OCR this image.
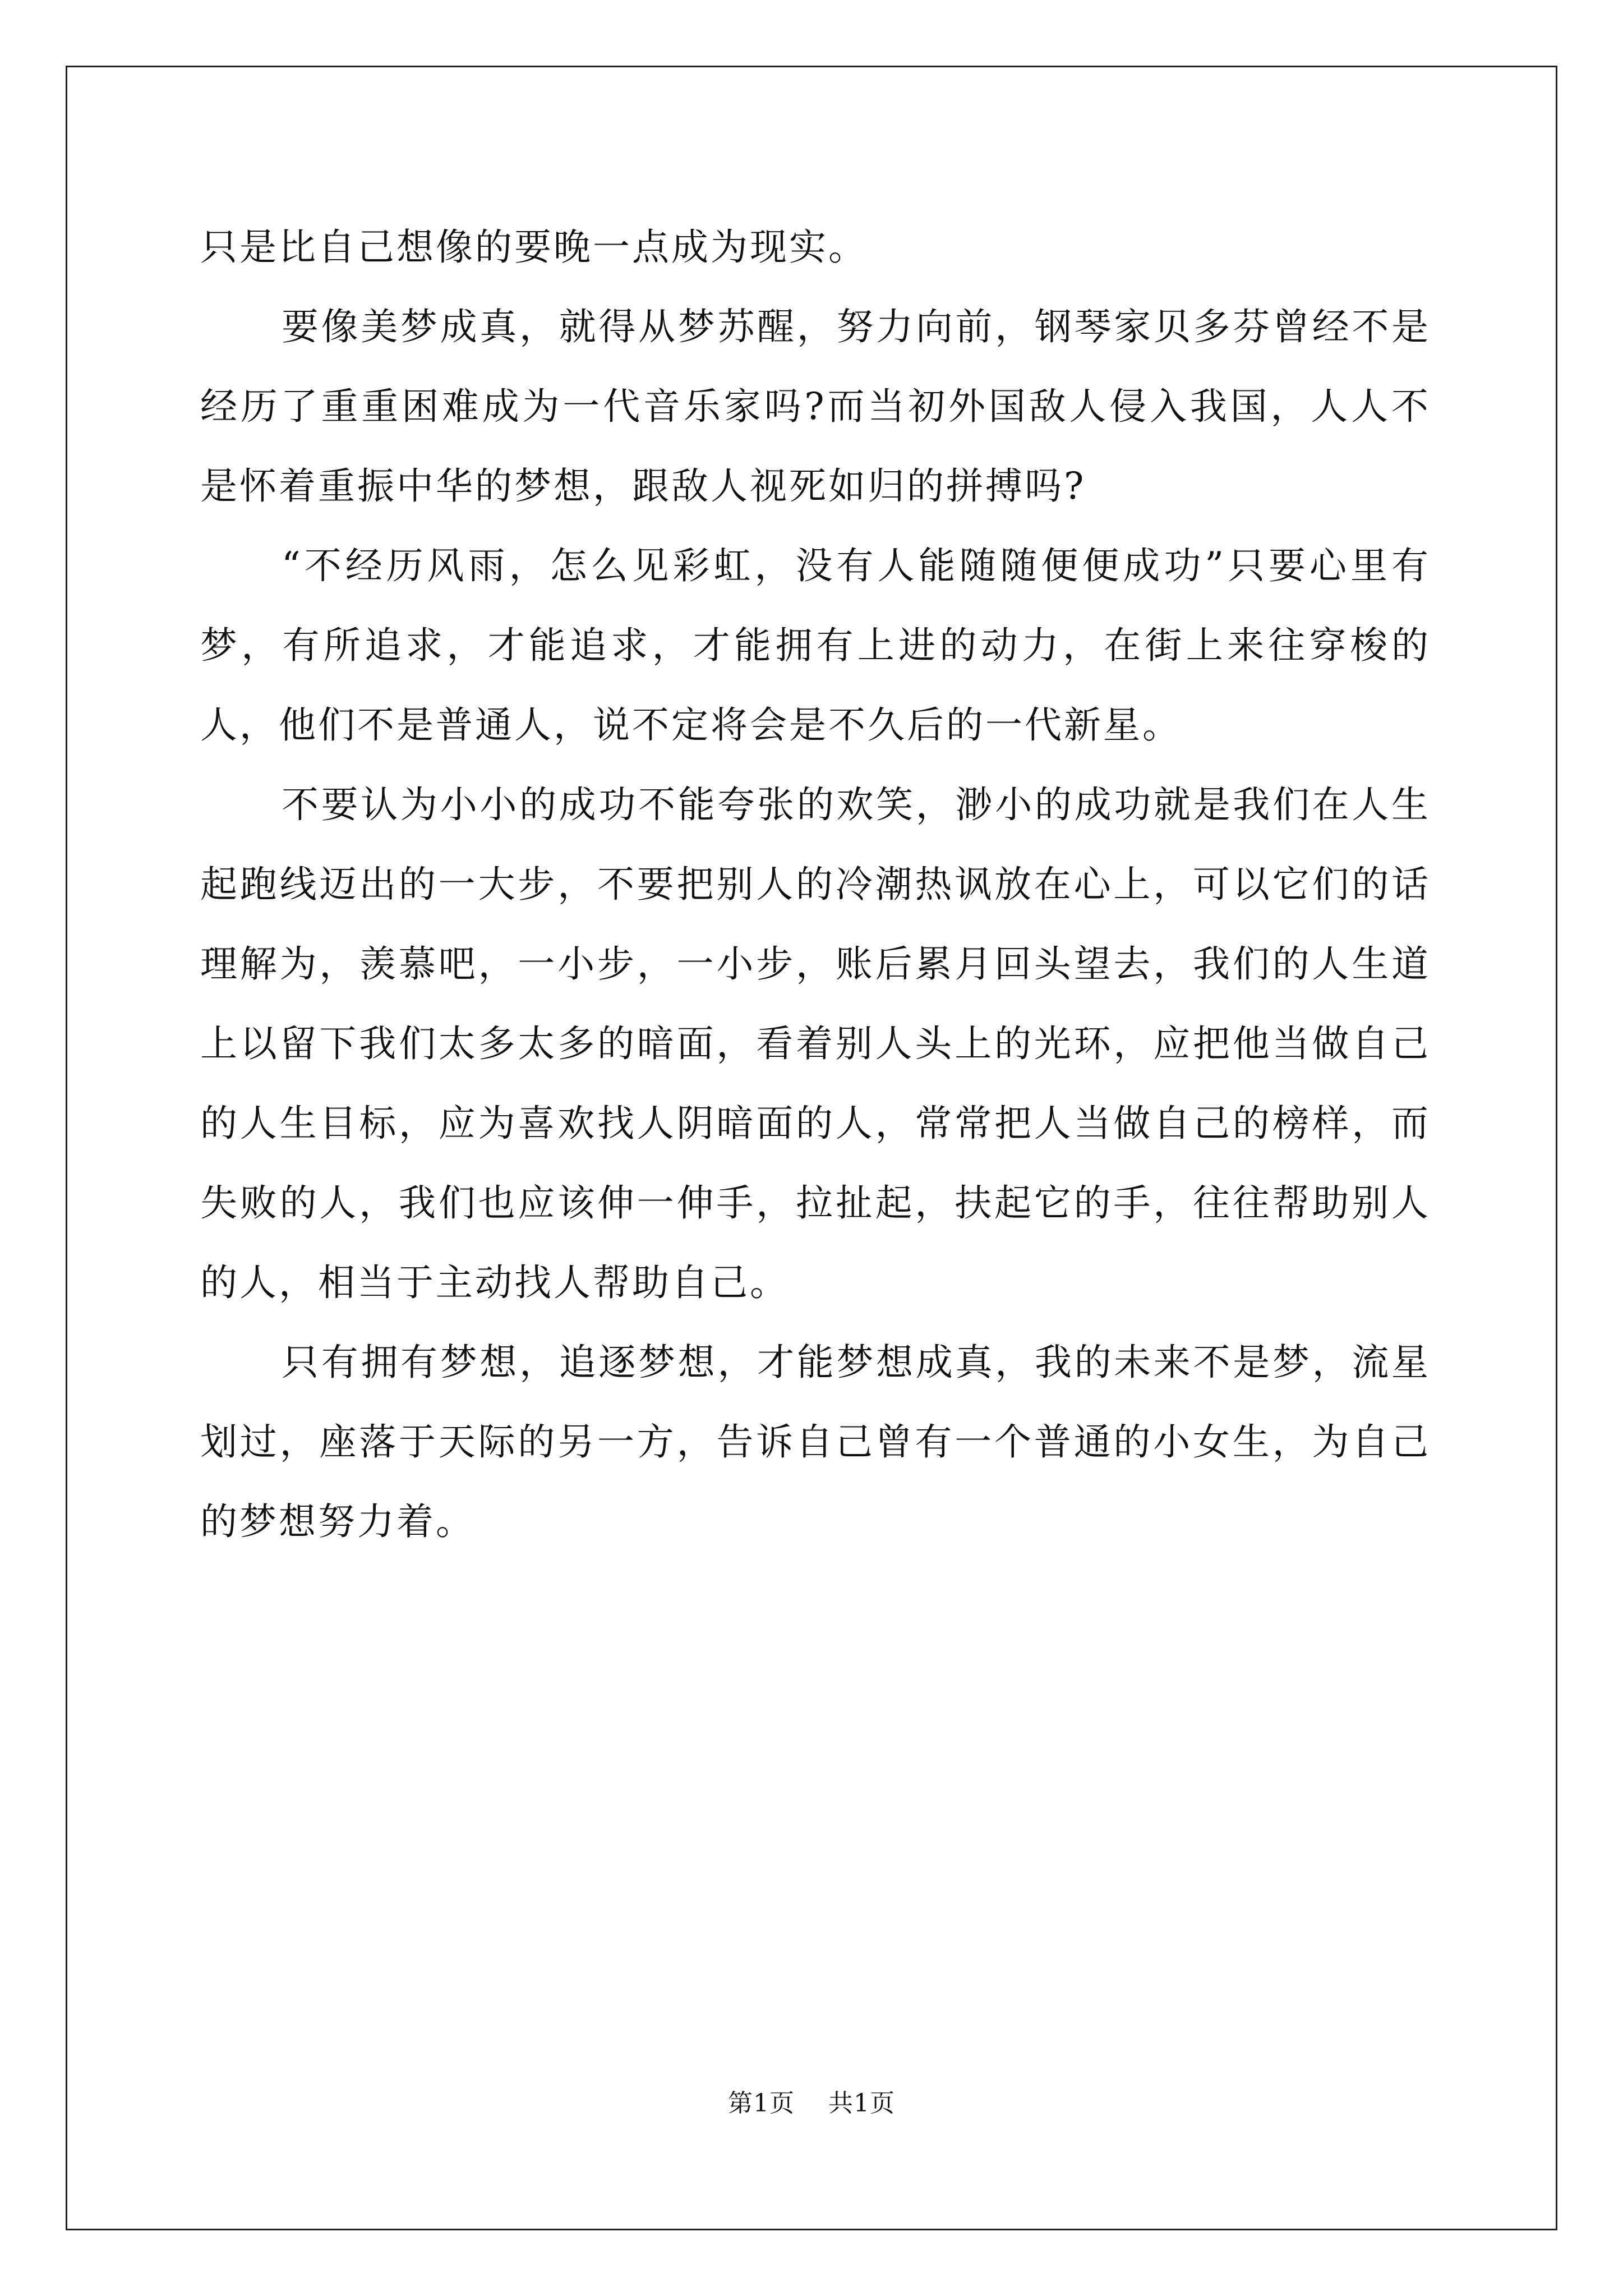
只是比自己想像的要晚一点成为现实。

要像美梦成真，就得从梦苏醒，努力向前，钢琴家贝多芬曾经不是经历了重重困难成为一代音乐家吗?而当初外国敌人侵入我国，人人不是怀着重振中华的梦想，跟敌人视死如归的拼搏吗?

“不经历风雨，怎么见彩虹，没有人能随随便便成功”只要心里有梦，有所追求，才能追求，才能拥有上进的动力，在街上来往穿梭的人，他们不是普通人，说不定将会是不久后的一代新星。

不要认为小小的成功不能夸张的欢笑，渺小的成功就是我们在人生起跑线迈出的一大步，不要把别人的冷潮热讽放在心上，可以它们的话理解为，羡慕吧，一小步，一小步，账后累月回头望去，我们的人生道上以留下我们太多太多的暗面，看着别人头上的光环，应把他当做自己的人生目标，应为喜欢找人阴暗面的人，常常把人当做自己的榜样，而失败的人，我们也应该伸一伸手，拉扯起，扶起它的手，往往帮助别人的人，相当于主动找人帮助自己。

只有拥有梦想，追逐梦想，才能梦想成真，我的未来不是梦，流星划过，座落于天际的另一方，告诉自己曾有一个普通的小女生，为自己的梦想努力着。

第1页 共1页
